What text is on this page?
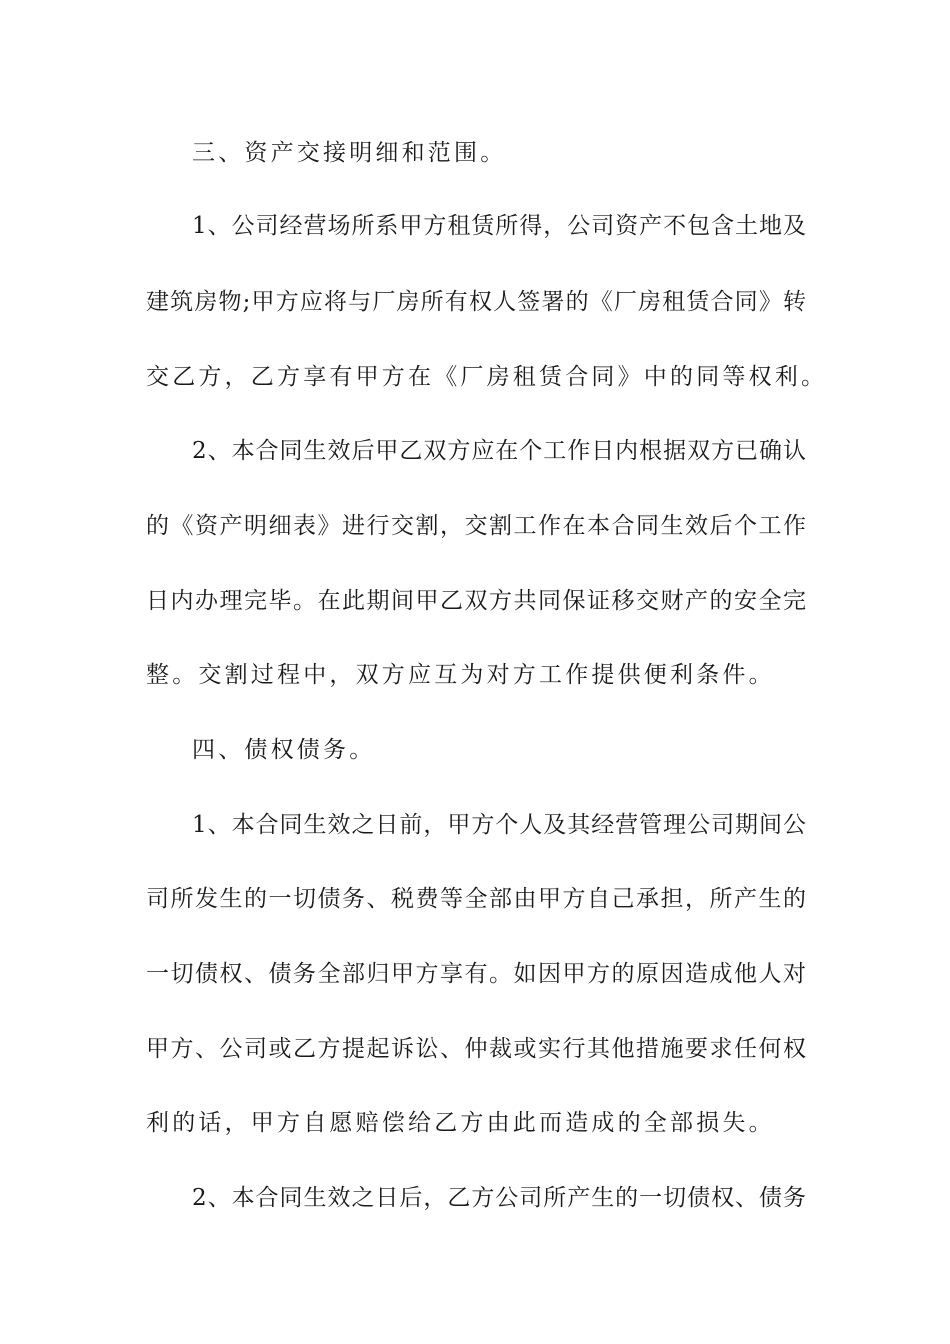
三、资产交接明细和范围。
1、公司经营场所系甲方租赁所得，公司资产不包含土地及
建筑房物;甲方应将与厂房所有权人签署的《厂房租赁合同》转
交乙方，乙方享有甲方在《厂房租赁合同》中的同等权利。
2、本合同生效后甲乙双方应在个工作日内根据双方已确认
的《资产明细表》进行交割，交割工作在本合同生效后个工作
日内办理完毕。在此期间甲乙双方共同保证移交财产的安全完
整。交割过程中，双方应互为对方工作提供便利条件。
四、债权债务。
1、本合同生效之日前，甲方个人及其经营管理公司期间公
司所发生的一切债务、税费等全部由甲方自己承担，所产生的
一切债权、债务全部归甲方享有。如因甲方的原因造成他人对
甲方、公司或乙方提起诉讼、仲裁或实行其他措施要求任何权
利的话，甲方自愿赔偿给乙方由此而造成的全部损失。
2、本合同生效之日后，乙方公司所产生的一切债权、债务
